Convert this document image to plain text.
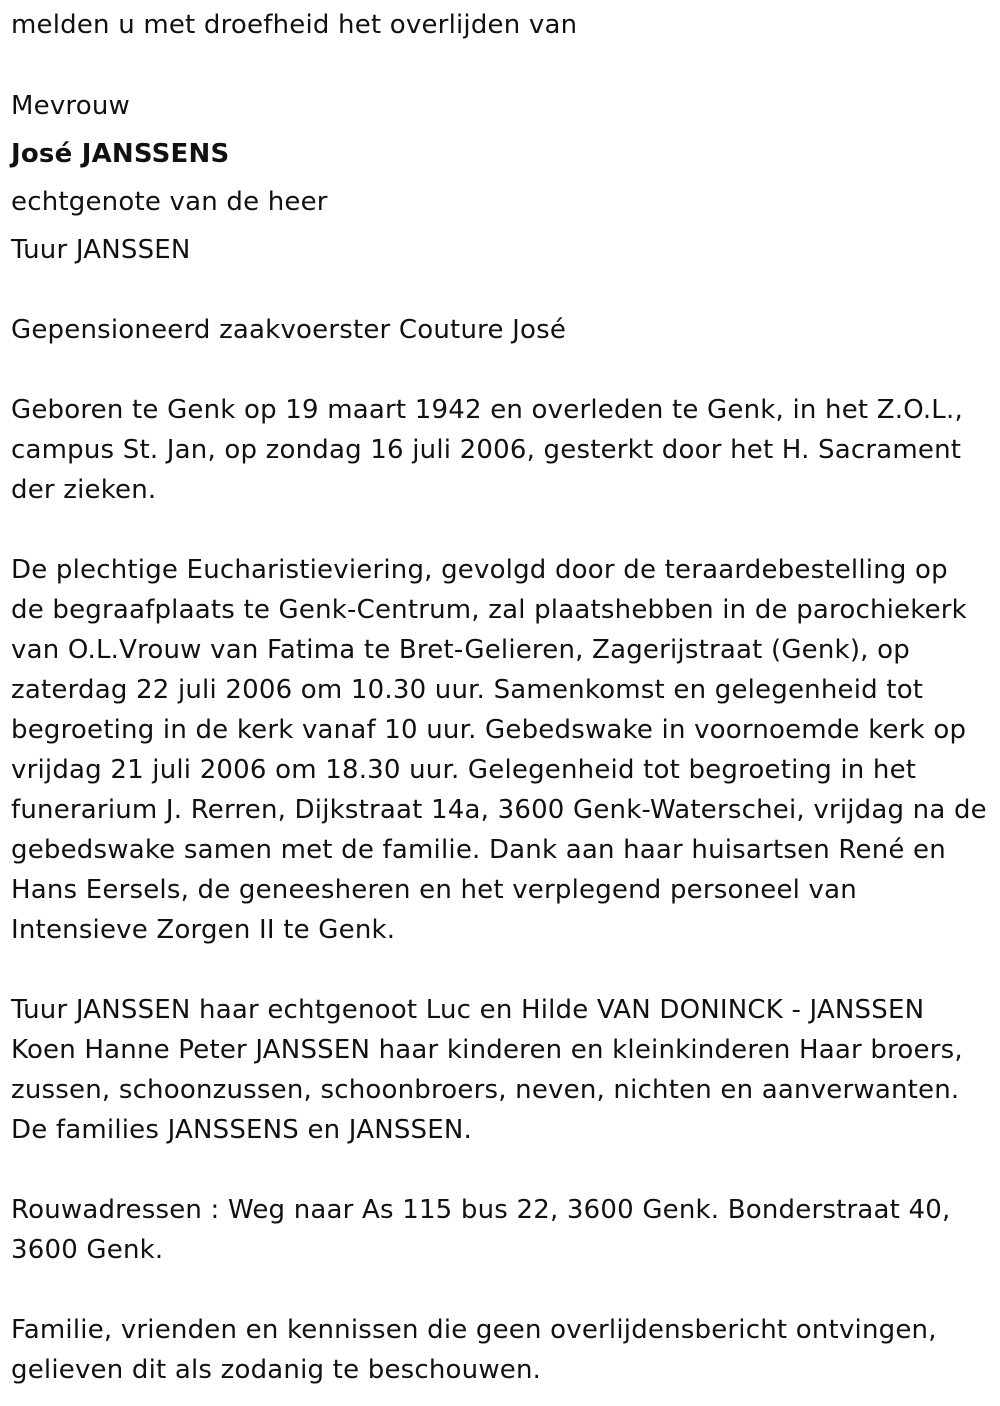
melden u met droefheid het overlijden van
Mevrouw
José JANSSENS
echtgenote van de heer
Tuur JANSSEN
Gepensioneerd zaakvoerster Couture José
Geboren te Genk op 19 maart 1942 en overleden te Genk, in het Z.O.L.,
campus St. Jan, op zondag 16 juli 2006, gesterkt door het H. Sacrament
der zieken.
De plechtige Eucharistieviering, gevolgd door de teraardebestelling op
de begraafplaats te Genk-Centrum, zal plaatshebben in de parochiekerk
van O.L.Vrouw van Fatima te Bret-Gelieren, Zagerijstraat (Genk), op
zaterdag 22 juli 2006 om 10.30 uur. Samenkomst en gelegenheid tot
begroeting in de kerk vanaf 10 uur. Gebedswake in voornoemde kerk op
vrijdag 21 juli 2006 om 18.30 uur. Gelegenheid tot begroeting in het
funerarium J. Rerren, Dijkstraat 14a, 3600 Genk-Waterschei, vrijdag na de
gebedswake samen met de familie. Dank aan haar huisartsen René en
Hans Eersels, de geneesheren en het verplegend personeel van
Intensieve Zorgen II te Genk.
Tuur JANSSEN haar echtgenoot Luc en Hilde VAN DONINCK - JANSSEN
Koen Hanne Peter JANSSEN haar kinderen en kleinkinderen Haar broers,
zussen, schoonzussen, schoonbroers, neven, nichten en aanverwanten.
De families JANSSENS en JANSSEN.
Rouwadressen : Weg naar As 115 bus 22, 3600 Genk. Bonderstraat 40,
3600 Genk.
Familie, vrienden en kennissen die geen overlijdensbericht ontvingen,
gelieven dit als zodanig te beschouwen.
